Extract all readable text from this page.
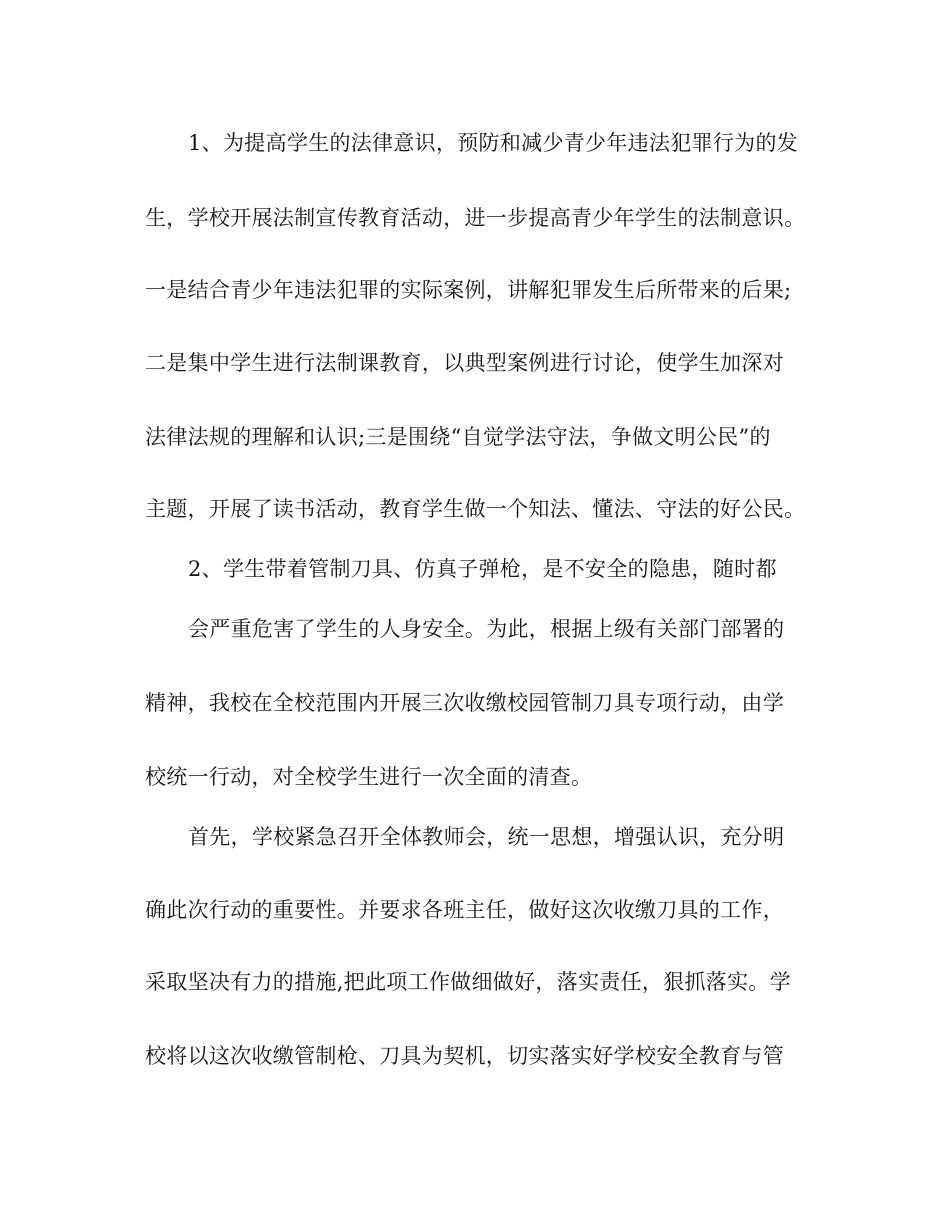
1、为提高学生的法律意识，预防和减少青少年违法犯罪行为的发

生，学校开展法制宣传教育活动，进一步提高青少年学生的法制意识。

一是结合青少年违法犯罪的实际案例，讲解犯罪发生后所带来的后果;

二是集中学生进行法制课教育，以典型案例进行讨论，使学生加深对

法律法规的理解和认识;三是围绕“自觉学法守法，争做文明公民”的

主题，开展了读书活动，教育学生做一个知法、懂法、守法的好公民。

2、学生带着管制刀具、仿真子弹枪，是不安全的隐患，随时都

会严重危害了学生的人身安全。为此，根据上级有关部门部署的

精神，我校在全校范围内开展三次收缴校园管制刀具专项行动，由学

校统一行动，对全校学生进行一次全面的清查。

首先，学校紧急召开全体教师会，统一思想，增强认识，充分明

确此次行动的重要性。并要求各班主任，做好这次收缴刀具的工作，

采取坚决有力的措施,把此项工作做细做好，落实责任，狠抓落实。学

校将以这次收缴管制枪、刀具为契机，切实落实好学校安全教育与管
